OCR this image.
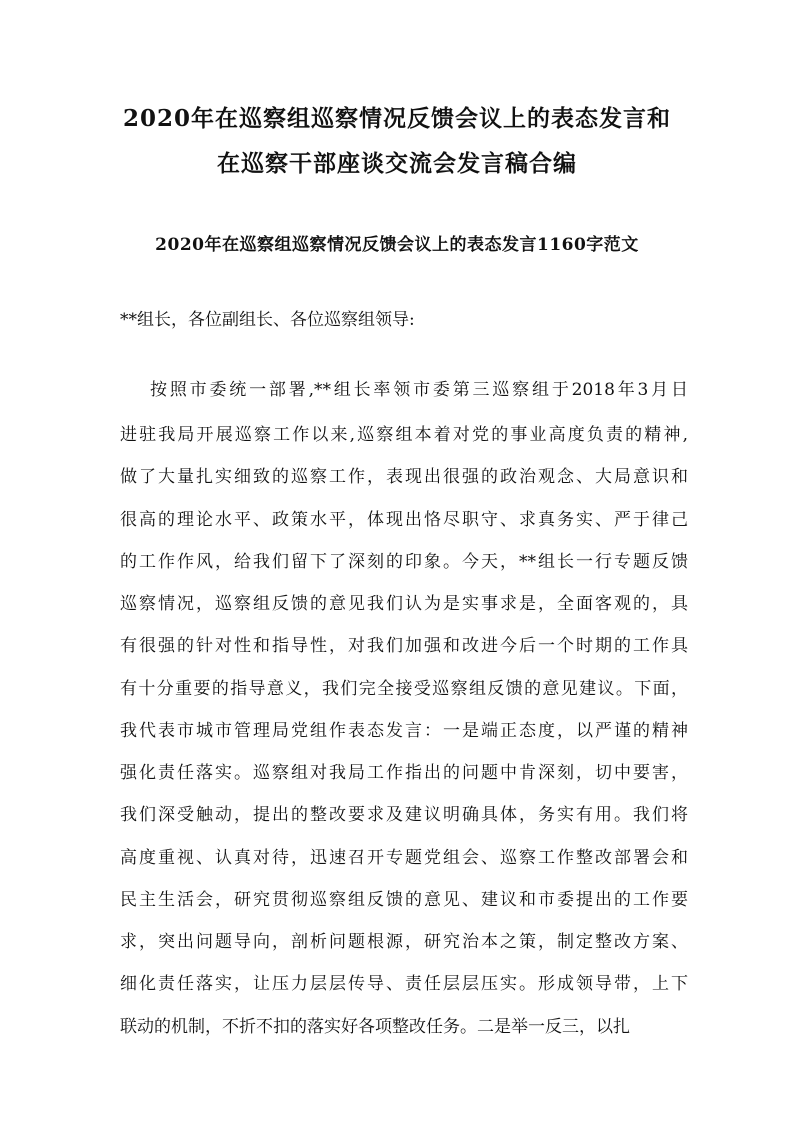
2020年在巡察组巡察情况反馈会议上的表态发言和
在巡察干部座谈交流会发言稿合编
2020年在巡察组巡察情况反馈会议上的表态发言1160字范文
**组长，各位副组长、各位巡察组领导:
按照市委统一部署,**组长率领市委第三巡察组于2018年3月日
进驻我局开展巡察工作以来,巡察组本着对党的事业高度负责的精神,
做了大量扎实细致的巡察工作，表现出很强的政治观念、大局意识和
很高的理论水平、政策水平，体现出恪尽职守、求真务实、严于律己
的工作作风，给我们留下了深刻的印象。今天，**组长一行专题反馈
巡察情况，巡察组反馈的意见我们认为是实事求是，全面客观的，具
有很强的针对性和指导性，对我们加强和改进今后一个时期的工作具
有十分重要的指导意义，我们完全接受巡察组反馈的意见建议。下面，
我代表市城市管理局党组作表态发言：一是端正态度，以严谨的精神
强化责任落实。巡察组对我局工作指出的问题中肯深刻，切中要害，
我们深受触动，提出的整改要求及建议明确具体，务实有用。我们将
高度重视、认真对待，迅速召开专题党组会、巡察工作整改部署会和
民主生活会，研究贯彻巡察组反馈的意见、建议和市委提出的工作要
求，突出问题导向，剖析问题根源，研究治本之策，制定整改方案、
细化责任落实，让压力层层传导、责任层层压实。形成领导带，上下
联动的机制，不折不扣的落实好各项整改任务。二是举一反三，以扎
